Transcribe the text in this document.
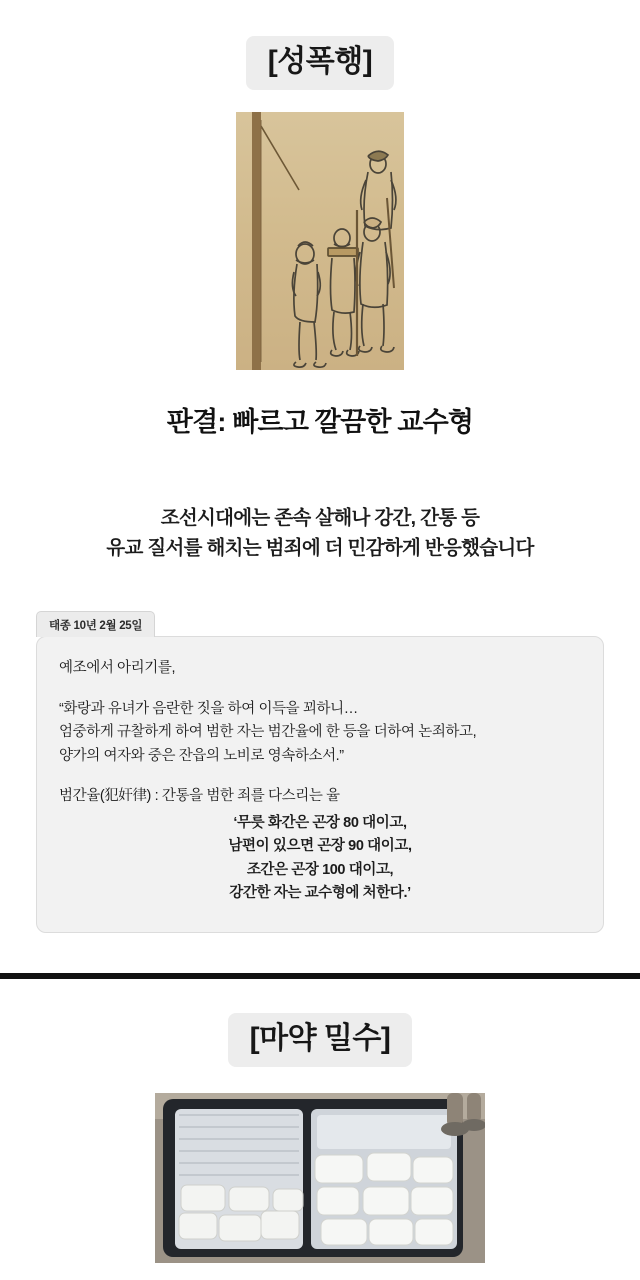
[성폭행]
판결: 빠르고 깔끔한 교수형
조선시대에는 존속 살해나 강간, 간통 등
유교 질서를 해치는 범죄에 더 민감하게 반응했습니다
태종 10년 2월 25일

예조에서 아리기를,

“화랑과 유녀가 음란한 짓을 하여 이득을 꾀하니…

엄중하게 규찰하게 하여 범한 자는 범간율에 한 등을 더하여 논죄하고,

양가의 여자와 중은 잔읍의 노비로 영속하소서.”

범간율(犯奸律) : 간통을 범한 죄를 다스리는 율

‘무릇 화간은 곤장 80 대이고,
남편이 있으면 곤장 90 대이고,
조간은 곤장 100 대이고,
강간한 자는 교수형에 처한다.’
[마약 밀수]
